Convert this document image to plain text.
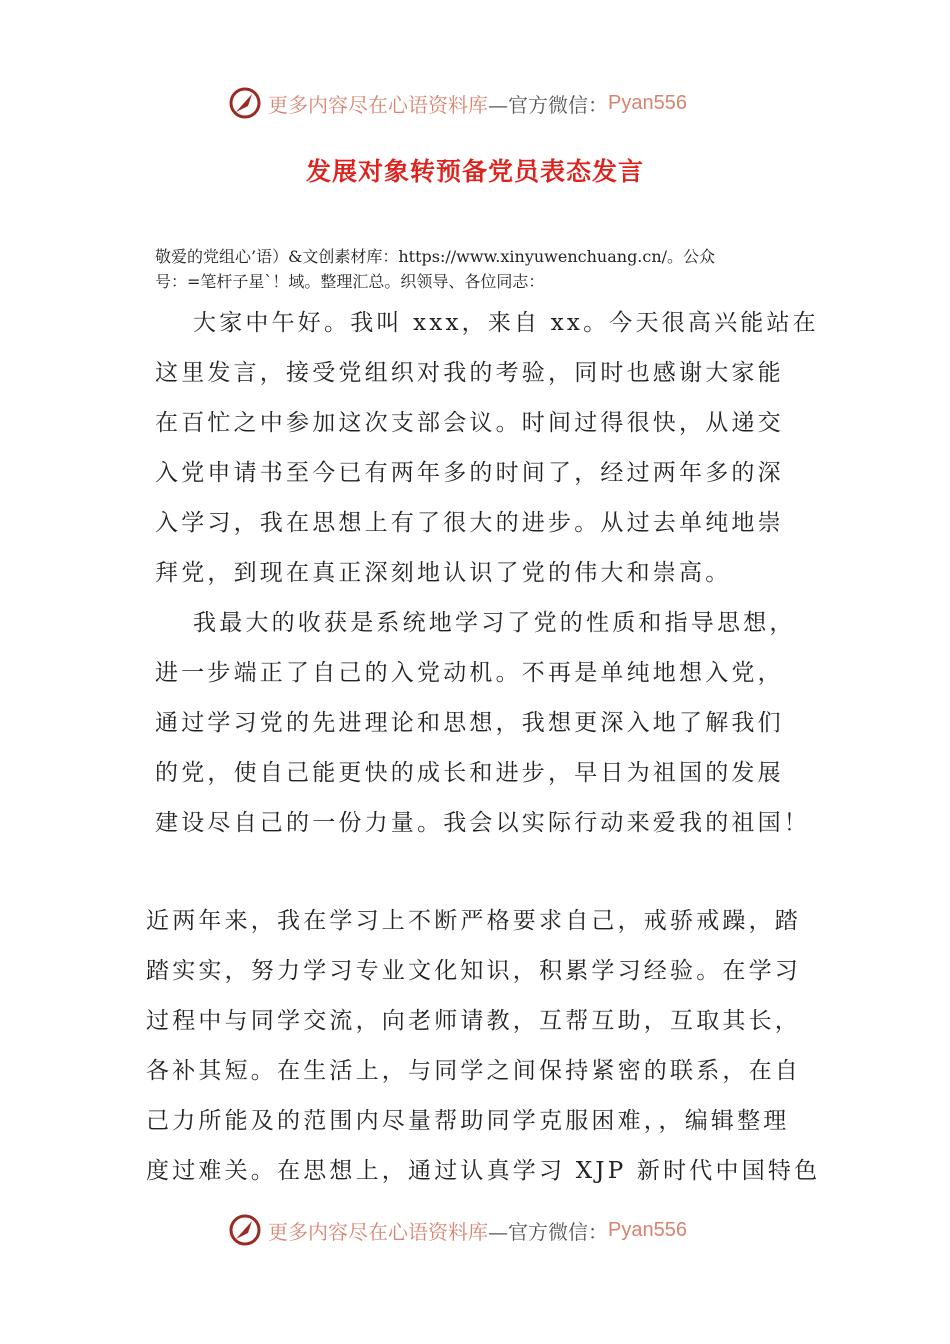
更多内容尽在心语资料库 —官方微信： Pyan556
发展对象转预备党员表态发言
敬爱的党组心’语）&文创素材库：https://www.xinyuwenchuang.cn/。公众
号：=笔杆子星`！域。整理汇总。织领导、各位同志：
大家中午好。我叫 xxx，来自 xx。今天很高兴能站在
这里发言，接受党组织对我的考验，同时也感谢大家能
在百忙之中参加这次支部会议。时间过得很快，从递交
入党申请书至今已有两年多的时间了，经过两年多的深
入学习，我在思想上有了很大的进步。从过去单纯地崇
拜党，到现在真正深刻地认识了党的伟大和崇高。
我最大的收获是系统地学习了党的性质和指导思想，
进一步端正了自己的入党动机。不再是单纯地想入党，
通过学习党的先进理论和思想，我想更深入地了解我们
的党，使自己能更快的成长和进步，早日为祖国的发展
建设尽自己的一份力量。我会以实际行动来爱我的祖国！
近两年来，我在学习上不断严格要求自己，戒骄戒躁，踏
踏实实，努力学习专业文化知识，积累学习经验。在学习
过程中与同学交流，向老师请教，互帮互助，互取其长，
各补其短。在生活上，与同学之间保持紧密的联系，在自
己力所能及的范围内尽量帮助同学克服困难，，编辑整理
度过难关。在思想上，通过认真学习 XJP 新时代中国特色
更多内容尽在心语资料库 —官方微信： Pyan556
